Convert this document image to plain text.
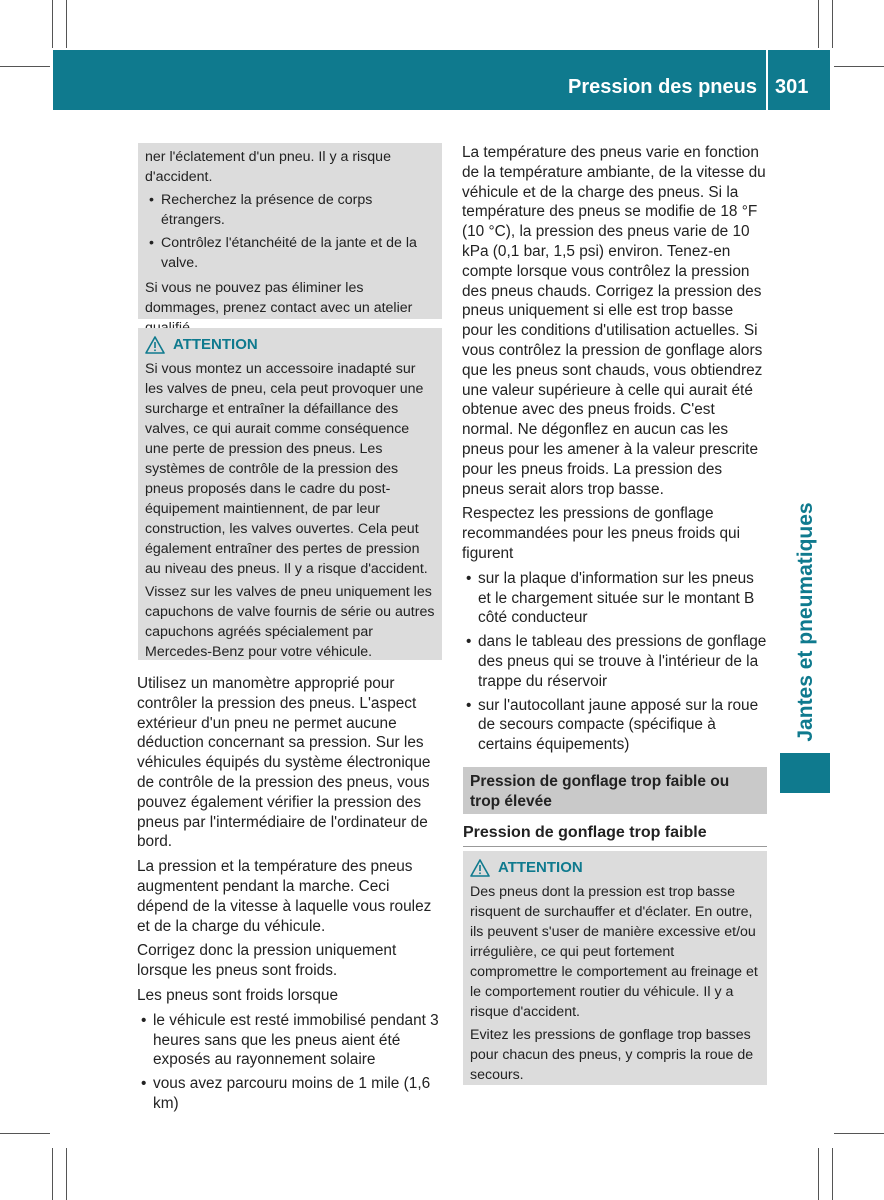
Pression des pneus 301
Jantes et pneumatiques

ner l'éclatement d'un pneu. Il y a risque d'accident.

• Recherchez la présence de corps étrangers.
• Contrôlez l'étanchéité de la jante et de la valve.

Si vous ne pouvez pas éliminer les dommages, prenez contact avec un atelier

ATTENTION

Si vous montez un accessoire inadapté sur les valves de pneu, cela peut provoquer une surcharge et entraîner la défaillance des valves, ce qui aurait comme conséquence une perte de pression des pneus. Les systèmes de contrôle de la pression des pneus proposés dans le cadre du post-équipement maintiennent, de par leur construction, les valves ouvertes. Cela peut également entraîner des pertes de pression au niveau des pneus. Il y a risque d'accident.

Vissez sur les valves de pneu uniquement les capuchons de valve fournis de série ou autres capuchons agréés spécialement par Mercedes-Benz pour votre véhicule.

Utilisez un manomètre approprié pour contrôler la pression des pneus. L'aspect extérieur d'un pneu ne permet aucune déduction concernant sa pression. Sur les véhicules équipés du système électronique de contrôle de la pression des pneus, vous pouvez également vérifier la pression des pneus par l'intermédiaire de l'ordinateur de bord.

La pression et la température des pneus augmentent pendant la marche. Ceci dépend de la vitesse à laquelle vous roulez et de la charge du véhicule.

Corrigez donc la pression uniquement lorsque les pneus sont froids.

Les pneus sont froids lorsque

• le véhicule est resté immobilisé pendant 3 heures sans que les pneus aient été exposés au rayonnement solaire
• vous avez parcouru moins de 1 mile (1,6 km)

La température des pneus varie en fonction de la température ambiante, de la vitesse du véhicule et de la charge des pneus. Si la température des pneus se modifie de 18 °F (10 °C), la pression des pneus varie de 10 kPa (0,1 bar, 1,5 psi) environ. Tenez-en compte lorsque vous contrôlez la pression des pneus chauds. Corrigez la pression des pneus uniquement si elle est trop basse pour les conditions d'utilisation actuelles. Si vous contrôlez la pression de gonflage alors que les pneus sont chauds, vous obtiendrez une valeur supérieure à celle qui aurait été obtenue avec des pneus froids. C'est normal. Ne dégonflez en aucun cas les pneus pour les amener à la valeur prescrite pour les pneus froids. La pression des pneus serait alors trop basse.

Respectez les pressions de gonflage recommandées pour les pneus froids qui figurent

• sur la plaque d'information sur les pneus et le chargement située sur le montant B côté conducteur
• dans le tableau des pressions de gonflage des pneus qui se trouve à l'intérieur de la trappe du réservoir
• sur l'autocollant jaune apposé sur la roue de secours compacte (spécifique à certains équipements)
Pression de gonflage trop faible ou trop élevée
Pression de gonflage trop faible
ATTENTION

Des pneus dont la pression est trop basse risquent de surchauffer et d'éclater. En outre, ils peuvent s'user de manière excessive et/ou irrégulière, ce qui peut fortement compromettre le comportement au freinage et le comportement routier du véhicule. Il y a risque d'accident.

Evitez les pressions de gonflage trop basses pour chacun des pneus, y compris la roue de secours.
